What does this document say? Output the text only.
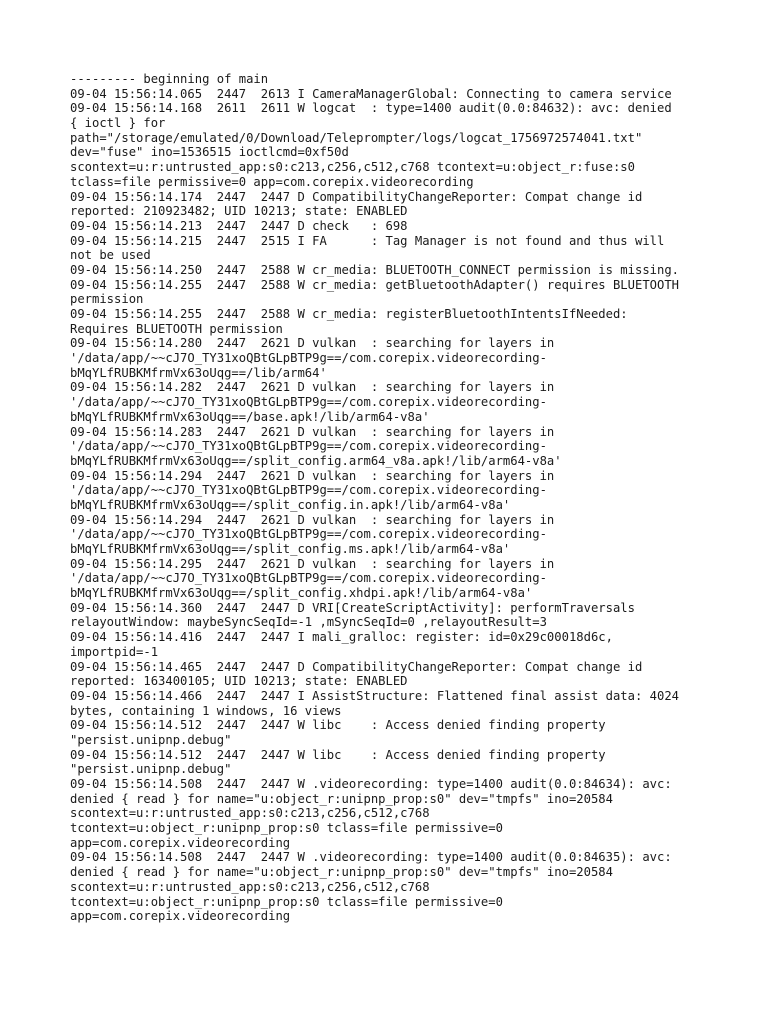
--------- beginning of main
09-04 15:56:14.065  2447  2613 I CameraManagerGlobal: Connecting to camera service
09-04 15:56:14.168  2611  2611 W logcat  : type=1400 audit(0.0:84632): avc: denied
{ ioctl } for
path="/storage/emulated/0/Download/Teleprompter/logs/logcat_1756972574041.txt"
dev="fuse" ino=1536515 ioctlcmd=0xf50d
scontext=u:r:untrusted_app:s0:c213,c256,c512,c768 tcontext=u:object_r:fuse:s0
tclass=file permissive=0 app=com.corepix.videorecording
09-04 15:56:14.174  2447  2447 D CompatibilityChangeReporter: Compat change id
reported: 210923482; UID 10213; state: ENABLED
09-04 15:56:14.213  2447  2447 D check   : 698
09-04 15:56:14.215  2447  2515 I FA      : Tag Manager is not found and thus will
not be used
09-04 15:56:14.250  2447  2588 W cr_media: BLUETOOTH_CONNECT permission is missing.
09-04 15:56:14.255  2447  2588 W cr_media: getBluetoothAdapter() requires BLUETOOTH
permission
09-04 15:56:14.255  2447  2588 W cr_media: registerBluetoothIntentsIfNeeded:
Requires BLUETOOTH permission
09-04 15:56:14.280  2447  2621 D vulkan  : searching for layers in
'/data/app/~~cJ7O_TY31xoQBtGLpBTP9g==/com.corepix.videorecording-
bMqYLfRUBKMfrmVx63oUqg==/lib/arm64'
09-04 15:56:14.282  2447  2621 D vulkan  : searching for layers in
'/data/app/~~cJ7O_TY31xoQBtGLpBTP9g==/com.corepix.videorecording-
bMqYLfRUBKMfrmVx63oUqg==/base.apk!/lib/arm64-v8a'
09-04 15:56:14.283  2447  2621 D vulkan  : searching for layers in
'/data/app/~~cJ7O_TY31xoQBtGLpBTP9g==/com.corepix.videorecording-
bMqYLfRUBKMfrmVx63oUqg==/split_config.arm64_v8a.apk!/lib/arm64-v8a'
09-04 15:56:14.294  2447  2621 D vulkan  : searching for layers in
'/data/app/~~cJ7O_TY31xoQBtGLpBTP9g==/com.corepix.videorecording-
bMqYLfRUBKMfrmVx63oUqg==/split_config.in.apk!/lib/arm64-v8a'
09-04 15:56:14.294  2447  2621 D vulkan  : searching for layers in
'/data/app/~~cJ7O_TY31xoQBtGLpBTP9g==/com.corepix.videorecording-
bMqYLfRUBKMfrmVx63oUqg==/split_config.ms.apk!/lib/arm64-v8a'
09-04 15:56:14.295  2447  2621 D vulkan  : searching for layers in
'/data/app/~~cJ7O_TY31xoQBtGLpBTP9g==/com.corepix.videorecording-
bMqYLfRUBKMfrmVx63oUqg==/split_config.xhdpi.apk!/lib/arm64-v8a'
09-04 15:56:14.360  2447  2447 D VRI[CreateScriptActivity]: performTraversals
relayoutWindow: maybeSyncSeqId=-1 ,mSyncSeqId=0 ,relayoutResult=3
09-04 15:56:14.416  2447  2447 I mali_gralloc: register: id=0x29c00018d6c,
importpid=-1
09-04 15:56:14.465  2447  2447 D CompatibilityChangeReporter: Compat change id
reported: 163400105; UID 10213; state: ENABLED
09-04 15:56:14.466  2447  2447 I AssistStructure: Flattened final assist data: 4024
bytes, containing 1 windows, 16 views
09-04 15:56:14.512  2447  2447 W libc    : Access denied finding property
"persist.unipnp.debug"
09-04 15:56:14.512  2447  2447 W libc    : Access denied finding property
"persist.unipnp.debug"
09-04 15:56:14.508  2447  2447 W .videorecording: type=1400 audit(0.0:84634): avc:
denied { read } for name="u:object_r:unipnp_prop:s0" dev="tmpfs" ino=20584
scontext=u:r:untrusted_app:s0:c213,c256,c512,c768
tcontext=u:object_r:unipnp_prop:s0 tclass=file permissive=0
app=com.corepix.videorecording
09-04 15:56:14.508  2447  2447 W .videorecording: type=1400 audit(0.0:84635): avc:
denied { read } for name="u:object_r:unipnp_prop:s0" dev="tmpfs" ino=20584
scontext=u:r:untrusted_app:s0:c213,c256,c512,c768
tcontext=u:object_r:unipnp_prop:s0 tclass=file permissive=0
app=com.corepix.videorecording
